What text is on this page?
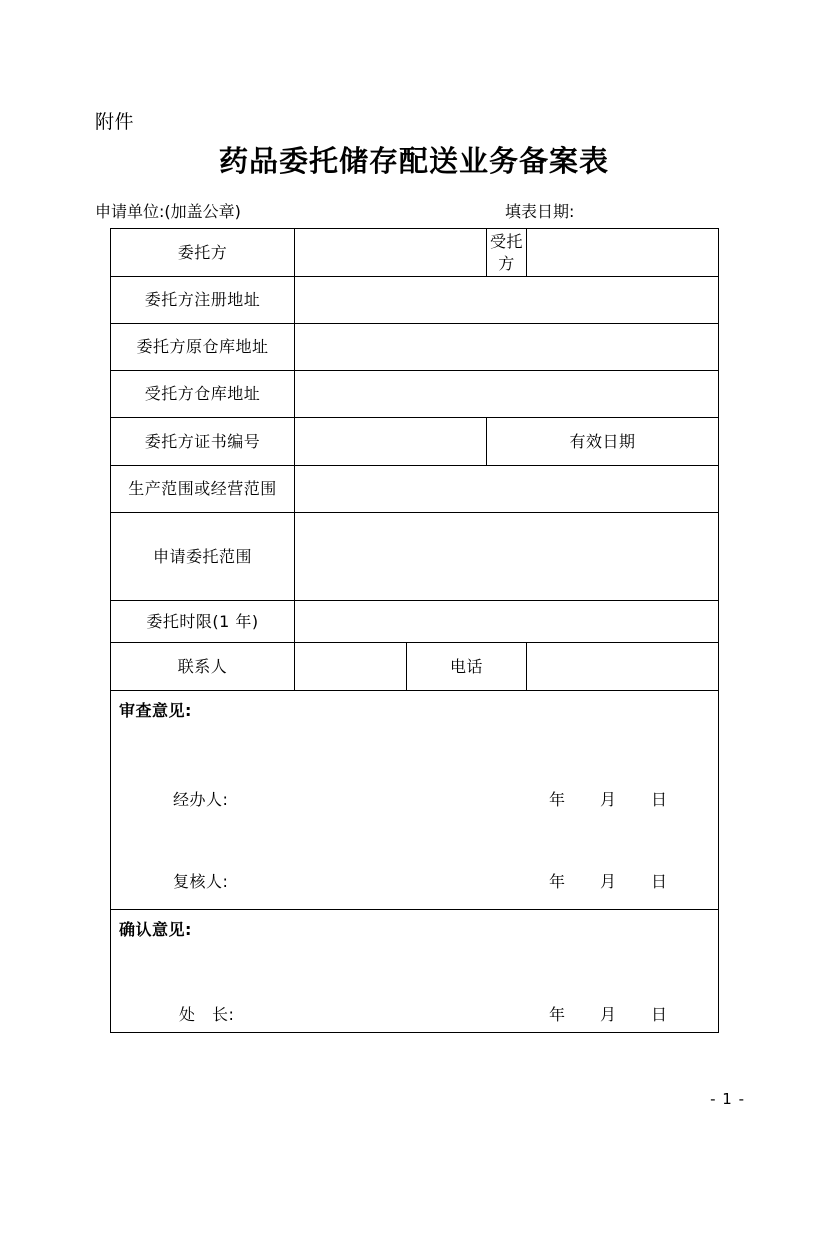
附件
药品委托储存配送业务备案表
申请单位:(加盖公章)	填表日期:
委托方			受托方		
委托方注册地址					
委托方原仓库地址					
受托方仓库地址					
委托方证书编号			有效日期		
生产范围或经营范围					
申请委托范围					
委托时限(1 年)					
联系人		电话			

审查意见:
经办人:	年 月 日
复核人:	年 月 日

确认意见:
处　长: 年 月 日					
- 1 -
